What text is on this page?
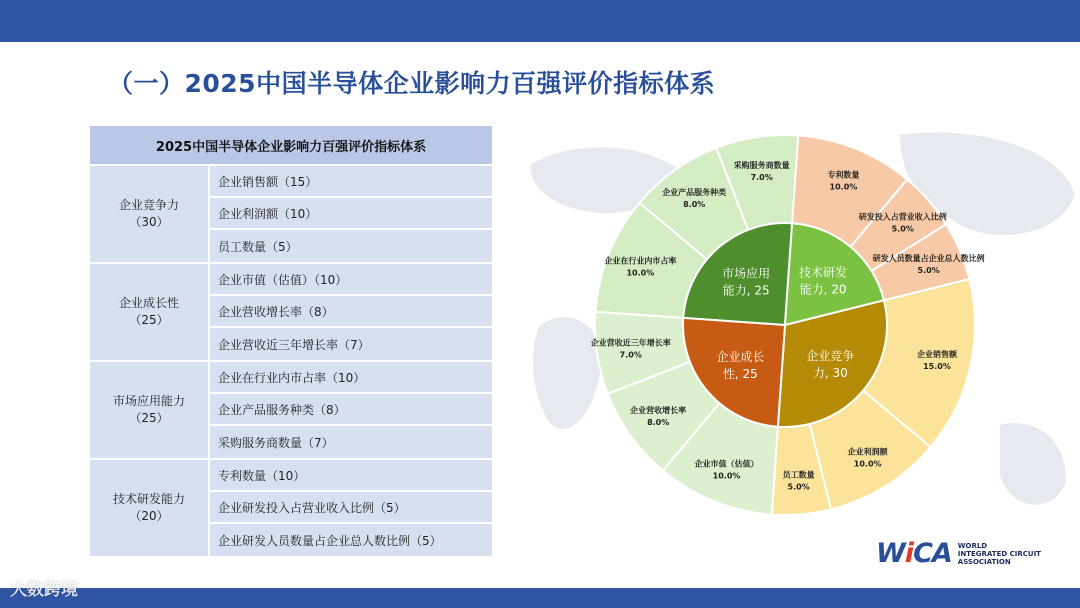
（一）2025中国半导体企业影响力百强评价指标体系
2025中国半导体企业影响力百强评价指标体系
企业竞争力
（30）
企业销售额（15）
企业利润额（10）
员工数量（5）
企业成长性
（25）
企业市值（估值）（10）
企业营收增长率（8）
企业营收近三年增长率（7）
市场应用能力
（25）
企业在行业内市占率（10）
企业产品服务种类（8）
采购服务商数量（7）
技术研发能力
（20）
专利数量（10）
企业研发投入占营业收入比例（5）
企业研发人员数量占企业总人数比例（5）
企业产品服务种类
8.0%
采购服务商数量
7.0%	专利数量
10.0%
研发投入占营业收入比例
5.0%
研发人员数量占企业总人数比例
5.0%
企业销售额
15.0%
企业利润额
10.0%
员工数量
5.0%
企业市值（估值）
10.0%
企业营收增长率
8.0%
企业营收近三年增长率
7.0%
企业在行业内市占率
10.0%	市场应用
能力, 25
技术研发
能力, 20
企业竞争
力, 30
企业成长
性, 25
WiCA WORLD
INTEGRATED CIRCUIT
ASSOCIATION
大数跨境
